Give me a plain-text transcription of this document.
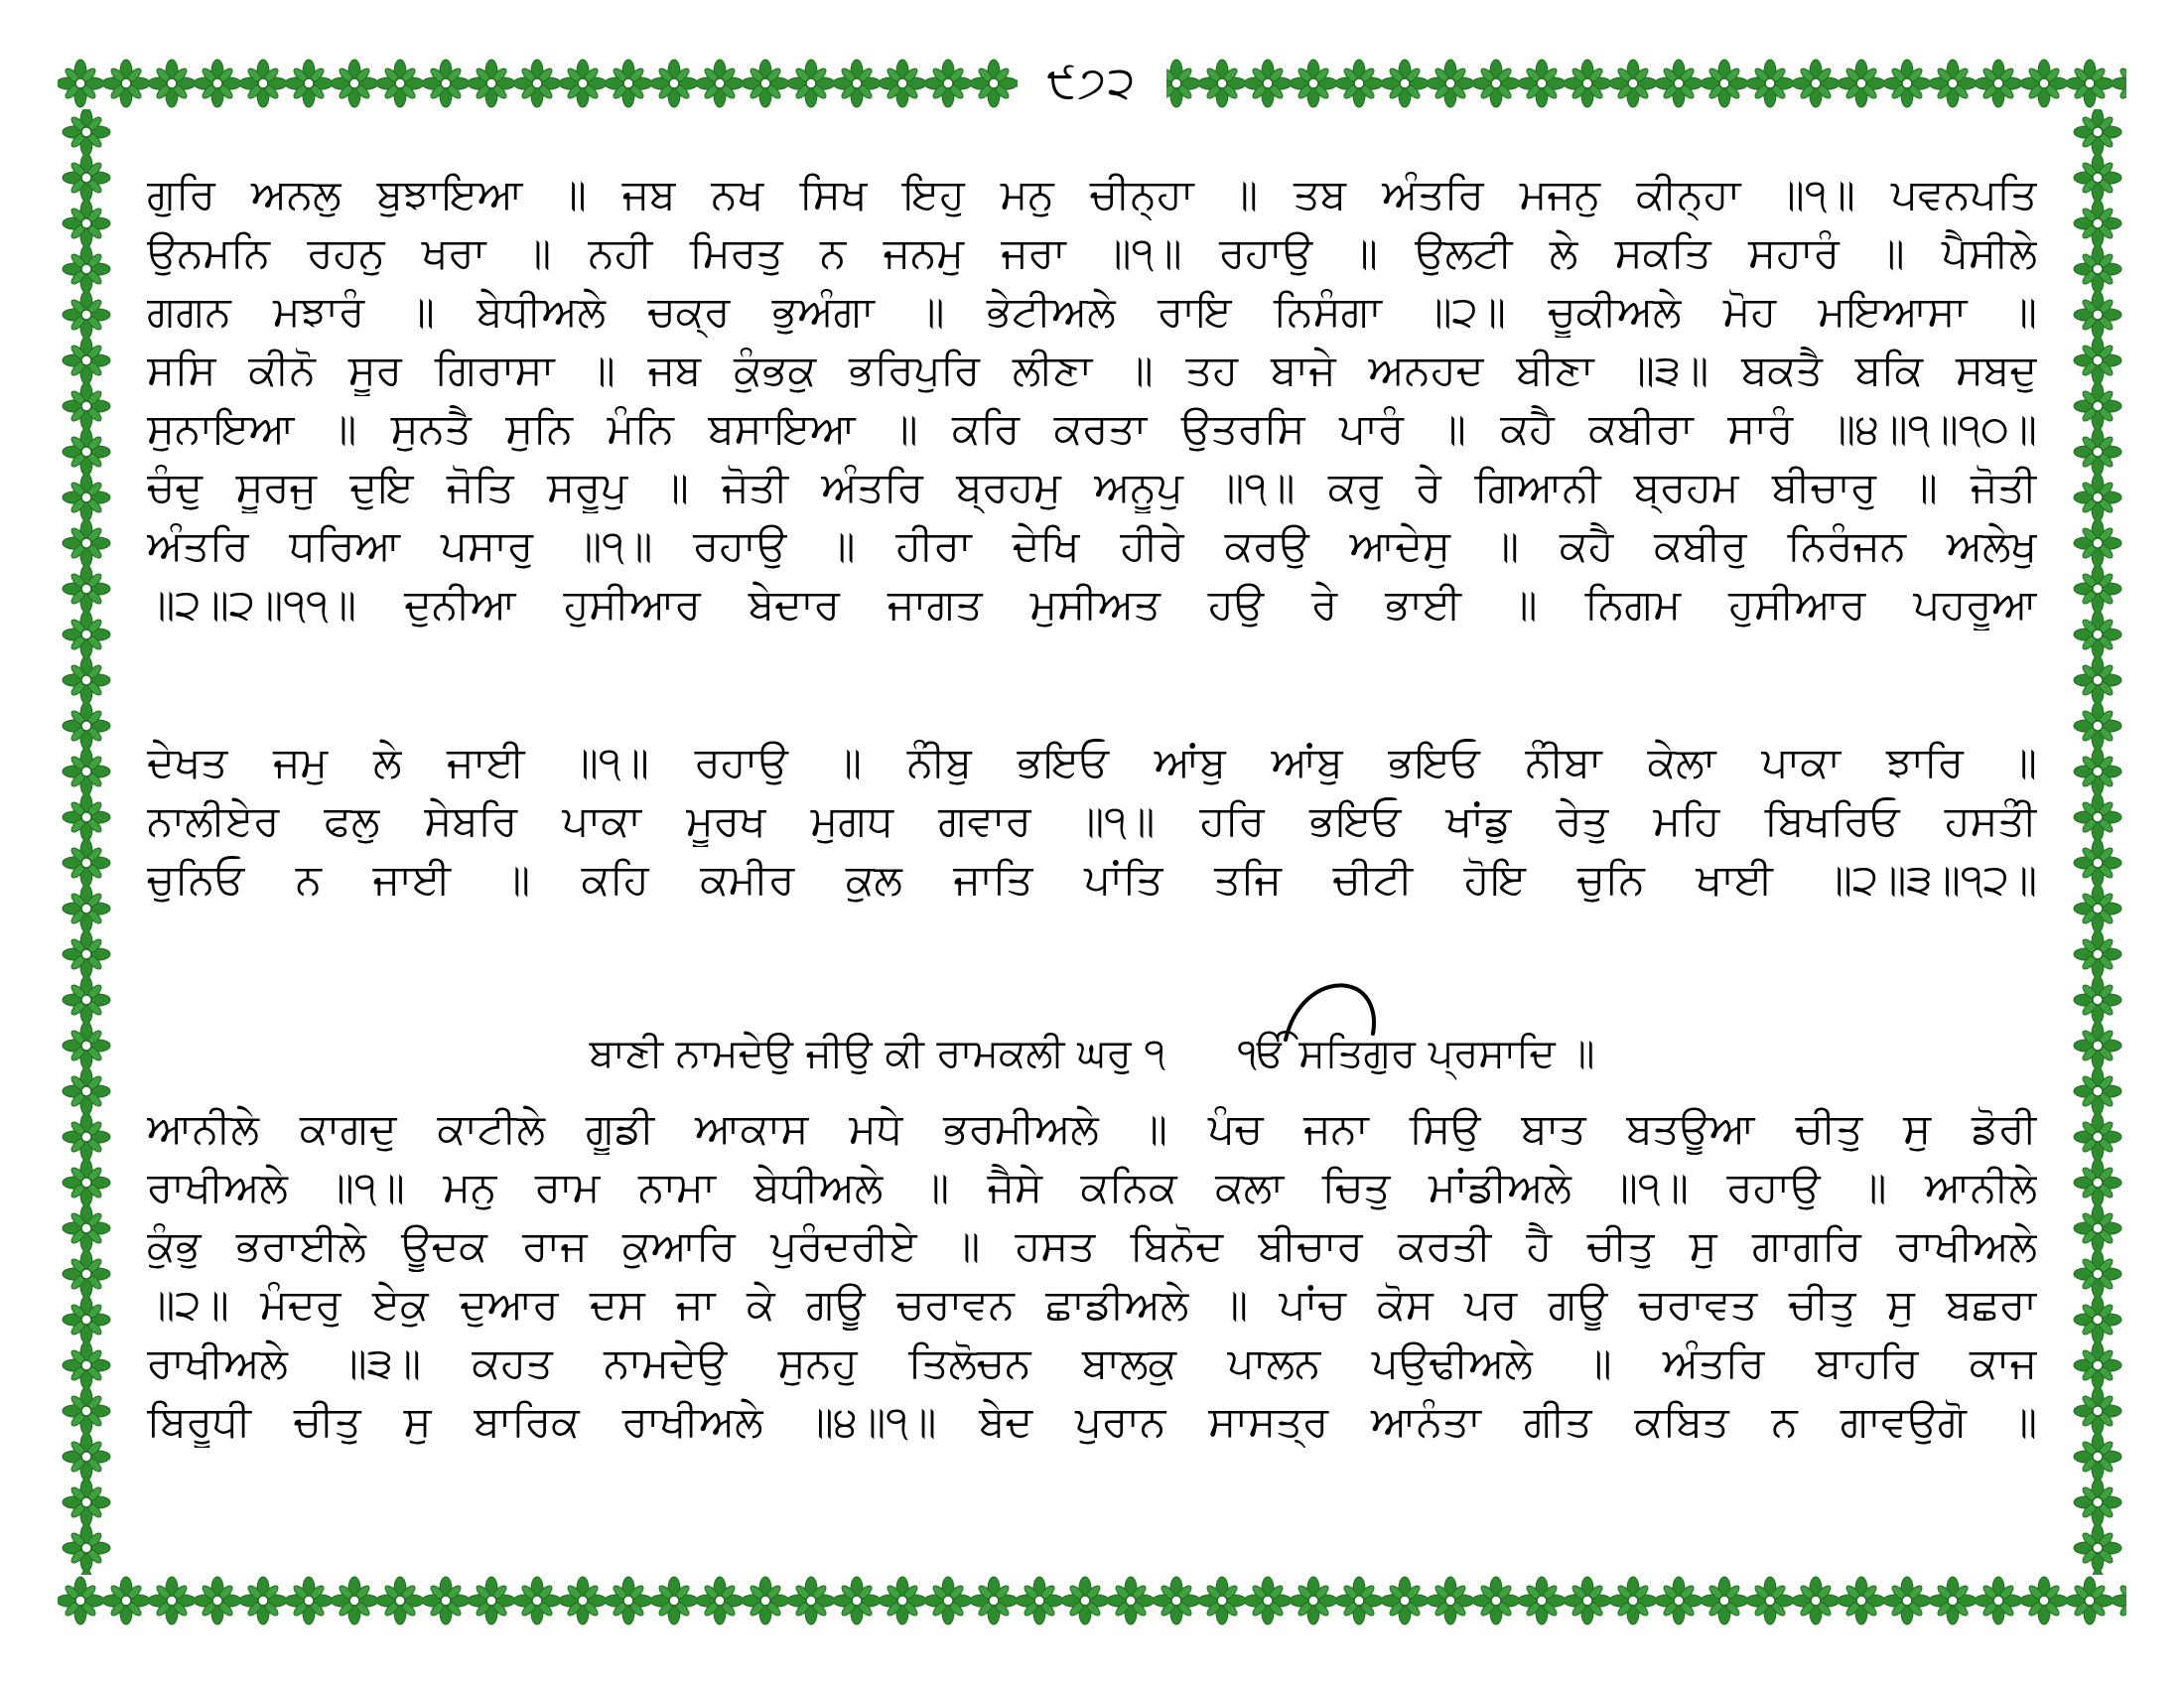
੯੭੨
ਗੁਰਿ ਅਨਲੁ ਬੁਝਾਇਆ ॥ ਜਬ ਨਖ ਸਿਖ ਇਹੁ ਮਨੁ ਚੀਨ੍ਹਾ ॥ ਤਬ ਅੰਤਰਿ ਮਜਨੁ ਕੀਨ੍ਹਾ ॥੧॥ ਪਵਨਪਤਿ
ਉਨਮਨਿ ਰਹਨੁ ਖਰਾ ॥ ਨਹੀ ਮਿਰਤੁ ਨ ਜਨਮੁ ਜਰਾ ॥੧॥ ਰਹਾਉ ॥ ਉਲਟੀ ਲੇ ਸਕਤਿ ਸਹਾਰੰ ॥ ਪੈਸੀਲੇ
ਗਗਨ ਮਝਾਰੰ ॥ ਬੇਧੀਅਲੇ ਚਕ੍ਰ ਭੁਅੰਗਾ ॥ ਭੇਟੀਅਲੇ ਰਾਇ ਨਿਸੰਗਾ ॥੨॥ ਚੂਕੀਅਲੇ ਮੋਹ ਮਇਆਸਾ ॥
ਸਸਿ ਕੀਨੋ ਸੂਰ ਗਿਰਾਸਾ ॥ ਜਬ ਕੁੰਭਕੁ ਭਰਿਪੁਰਿ ਲੀਣਾ ॥ ਤਹ ਬਾਜੇ ਅਨਹਦ ਬੀਣਾ ॥੩॥ ਬਕਤੈ ਬਕਿ ਸਬਦੁ
ਸੁਨਾਇਆ ॥ ਸੁਨਤੈ ਸੁਨਿ ਮੰਨਿ ਬਸਾਇਆ ॥ ਕਰਿ ਕਰਤਾ ਉਤਰਸਿ ਪਾਰੰ ॥ ਕਹੈ ਕਬੀਰਾ ਸਾਰੰ ॥੪॥੧॥੧੦॥
ਚੰਦੁ ਸੂਰਜੁ ਦੁਇ ਜੋਤਿ ਸਰੂਪੁ ॥ ਜੋਤੀ ਅੰਤਰਿ ਬ੍ਰਹਮੁ ਅਨੂਪੁ ॥੧॥ ਕਰੁ ਰੇ ਗਿਆਨੀ ਬ੍ਰਹਮ ਬੀਚਾਰੁ ॥ ਜੋਤੀ
ਅੰਤਰਿ ਧਰਿਆ ਪਸਾਰੁ ॥੧॥ ਰਹਾਉ ॥ ਹੀਰਾ ਦੇਖਿ ਹੀਰੇ ਕਰਉ ਆਦੇਸੁ ॥ ਕਹੈ ਕਬੀਰੁ ਨਿਰੰਜਨ ਅਲੇਖੁ
॥੨॥੨॥੧੧॥ ਦੁਨੀਆ ਹੁਸੀਆਰ ਬੇਦਾਰ ਜਾਗਤ ਮੁਸੀਅਤ ਹਉ ਰੇ ਭਾਈ ॥ ਨਿਗਮ ਹੁਸੀਆਰ ਪਹਰੂਆ
ਦੇਖਤ ਜਮੁ ਲੇ ਜਾਈ ॥੧॥ ਰਹਾਉ ॥ ਨੀੰਬੁ ਭਇਓ ਆਂਬੁ ਆਂਬੁ ਭਇਓ ਨੀੰਬਾ ਕੇਲਾ ਪਾਕਾ ਝਾਰਿ ॥
ਨਾਲੀਏਰ ਫਲੁ ਸੇਬਰਿ ਪਾਕਾ ਮੂਰਖ ਮੁਗਧ ਗਵਾਰ ॥੧॥ ਹਰਿ ਭਇਓ ਖਾਂਡੁ ਰੇਤੁ ਮਹਿ ਬਿਖਰਿਓ ਹਸਤੀੰ
ਚੁਨਿਓ ਨ ਜਾਈ ॥ ਕਹਿ ਕਮੀਰ ਕੁਲ ਜਾਤਿ ਪਾਂਤਿ ਤਜਿ ਚੀਟੀ ਹੋਇ ਚੁਨਿ ਖਾਈ ॥੨॥੩॥੧੨॥
ਬਾਣੀ ਨਾਮਦੇਉ ਜੀਉ ਕੀ ਰਾਮਕਲੀ ਘਰੁ ੧ ੴ ਸਤਿਗੁਰ ਪ੍ਰਸਾਦਿ ॥
ਆਨੀਲੇ ਕਾਗਦੁ ਕਾਟੀਲੇ ਗੂਡੀ ਆਕਾਸ ਮਧੇ ਭਰਮੀਅਲੇ ॥ ਪੰਚ ਜਨਾ ਸਿਉ ਬਾਤ ਬਤਊਆ ਚੀਤੁ ਸੁ ਡੋਰੀ
ਰਾਖੀਅਲੇ ॥੧॥ ਮਨੁ ਰਾਮ ਨਾਮਾ ਬੇਧੀਅਲੇ ॥ ਜੈਸੇ ਕਨਿਕ ਕਲਾ ਚਿਤੁ ਮਾਂਡੀਅਲੇ ॥੧॥ ਰਹਾਉ ॥ ਆਨੀਲੇ
ਕੁੰਭੁ ਭਰਾਈਲੇ ਊਦਕ ਰਾਜ ਕੁਆਰਿ ਪੁਰੰਦਰੀਏ ॥ ਹਸਤ ਬਿਨੋਦ ਬੀਚਾਰ ਕਰਤੀ ਹੈ ਚੀਤੁ ਸੁ ਗਾਗਰਿ ਰਾਖੀਅਲੇ
॥੨॥ ਮੰਦਰੁ ਏਕੁ ਦੁਆਰ ਦਸ ਜਾ ਕੇ ਗਊ ਚਰਾਵਨ ਛਾਡੀਅਲੇ ॥ ਪਾਂਚ ਕੋਸ ਪਰ ਗਊ ਚਰਾਵਤ ਚੀਤੁ ਸੁ ਬਛਰਾ
ਰਾਖੀਅਲੇ ॥੩॥ ਕਹਤ ਨਾਮਦੇਉ ਸੁਨਹੁ ਤਿਲੋਚਨ ਬਾਲਕੁ ਪਾਲਨ ਪਉਢੀਅਲੇ ॥ ਅੰਤਰਿ ਬਾਹਰਿ ਕਾਜ
ਬਿਰੂਧੀ ਚੀਤੁ ਸੁ ਬਾਰਿਕ ਰਾਖੀਅਲੇ ॥੪॥੧॥ ਬੇਦ ਪੁਰਾਨ ਸਾਸਤ੍ਰ ਆਨੰਤਾ ਗੀਤ ਕਬਿਤ ਨ ਗਾਵਉਗੋ ॥
